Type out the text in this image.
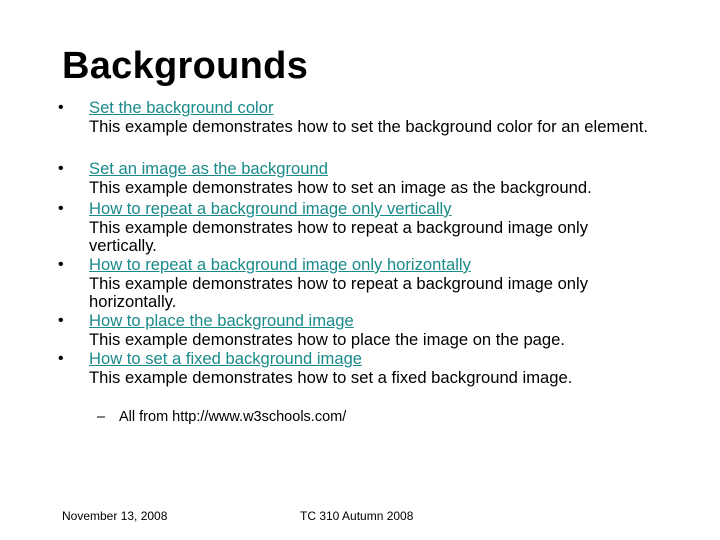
Backgrounds
•	Set the background color
This example demonstrates how to set the background color for an element.
•	Set an image as the background
This example demonstrates how to set an image as the background.
•	How to repeat a background image only vertically
This example demonstrates how to repeat a background image only vertically.
•	How to repeat a background image only horizontally
This example demonstrates how to repeat a background image only horizontally.
•	How to place the background image
This example demonstrates how to place the image on the page.
•	How to set a fixed background image
This example demonstrates how to set a fixed background image.
– All from http://www.w3schools.com/
November 13, 2008	TC 310 Autumn 2008
